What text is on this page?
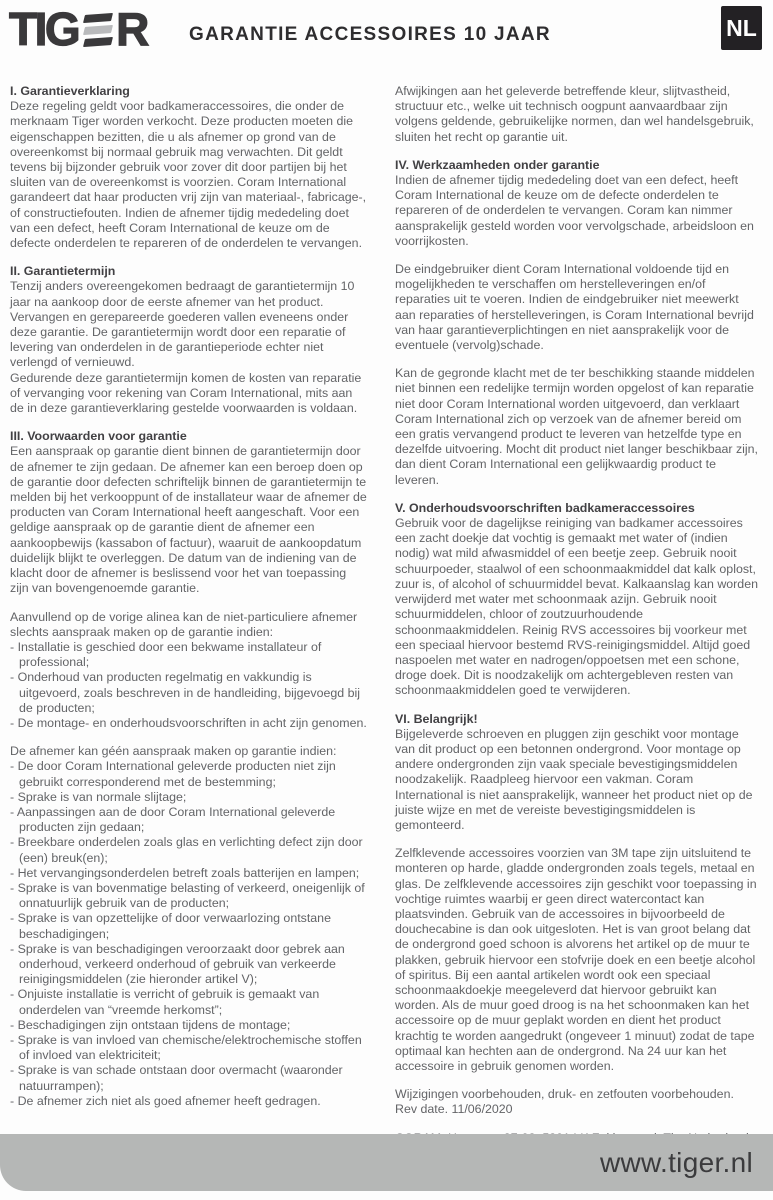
TIG R	GARANTIE ACCESSOIRES 10 JAAR	NL
I. Garantieverklaring

Deze regeling geldt voor badkameraccessoires, die onder de merknaam Tiger worden verkocht. Deze producten moeten die eigenschappen bezitten, die u als afnemer op grond van de overeenkomst bij normaal gebruik mag verwachten. Dit geldt tevens bij bijzonder gebruik voor zover dit door partijen bij het sluiten van de overeenkomst is voorzien. Coram International garandeert dat haar producten vrij zijn van materiaal-, fabricage-, of constructiefouten. Indien de afnemer tijdig mededeling doet van een defect, heeft Coram International de keuze om de defecte onderdelen te repareren of de onderdelen te vervangen.

II. Garantietermijn

Tenzij anders overeengekomen bedraagt de garantietermijn 10 jaar na aankoop door de eerste afnemer van het product.

Vervangen en gerepareerde goederen vallen eveneens onder deze garantie. De garantietermijn wordt door een reparatie of levering van onderdelen in de garantieperiode echter niet verlengd of vernieuwd.

Gedurende deze garantietermijn komen de kosten van reparatie of vervanging voor rekening van Coram International, mits aan de in deze garantieverklaring gestelde voorwaarden is voldaan.

III. Voorwaarden voor garantie

Een aanspraak op garantie dient binnen de garantietermijn door de afnemer te zijn gedaan. De afnemer kan een beroep doen op de garantie door defecten schriftelijk binnen de garantietermijn te melden bij het verkooppunt of de installateur waar de afnemer de producten van Coram International heeft aangeschaft. Voor een geldige aanspraak op de garantie dient de afnemer een aankoopbewijs (kassabon of factuur), waaruit de aankoopdatum duidelijk blijkt te overleggen. De datum van de indiening van de klacht door de afnemer is beslissend voor het van toepassing zijn van bovengenoemde garantie.

Aanvullend op de vorige alinea kan de niet-particuliere afnemer slechts aanspraak maken op de garantie indien:

- Installatie is geschied door een bekwame installateur of professional;
- Onderhoud van producten regelmatig en vakkundig is uitgevoerd, zoals beschreven in de handleiding, bijgevoegd bij de producten;
- De montage- en onderhoudsvoorschriften in acht zijn genomen.

De afnemer kan géén aanspraak maken op garantie indien:

- De door Coram International geleverde producten niet zijn gebruikt corresponderend met de bestemming;
- Sprake is van normale slijtage;
- Aanpassingen aan de door Coram International geleverde producten zijn gedaan;
- Breekbare onderdelen zoals glas en verlichting defect zijn door (een) breuk(en);
- Het vervangingsonderdelen betreft zoals batterijen en lampen;
- Sprake is van bovenmatige belasting of verkeerd, oneigenlijk of onnatuurlijk gebruik van de producten;
- Sprake is van opzettelijke of door verwaarlozing ontstane beschadigingen;
- Sprake is van beschadigingen veroorzaakt door gebrek aan onderhoud, verkeerd onderhoud of gebruik van verkeerde reinigingsmiddelen (zie hieronder artikel V);
- Onjuiste installatie is verricht of gebruik is gemaakt van onderdelen van “vreemde herkomst”;
- Beschadigingen zijn ontstaan tijdens de montage;
- Sprake is van invloed van chemische/elektrochemische stoffen of invloed van elektriciteit;
- Sprake is van schade ontstaan door overmacht (waaronder natuurrampen);
- De afnemer zich niet als goed afnemer heeft gedragen.

Afwijkingen aan het geleverde betreffende kleur, slijtvastheid, structuur etc., welke uit technisch oogpunt aanvaardbaar zijn volgens geldende, gebruikelijke normen, dan wel handelsgebruik, sluiten het recht op garantie uit.

IV. Werkzaamheden onder garantie

Indien de afnemer tijdig mededeling doet van een defect, heeft Coram International de keuze om de defecte onderdelen te repareren of de onderdelen te vervangen. Coram kan nimmer aansprakelijk gesteld worden voor vervolgschade, arbeidsloon en voorrijkosten.

De eindgebruiker dient Coram International voldoende tijd en mogelijkheden te verschaffen om herstelleveringen en/of reparaties uit te voeren. Indien de eindgebruiker niet meewerkt aan reparaties of herstelleveringen, is Coram International bevrijd van haar garantieverplichtingen en niet aansprakelijk voor de eventuele (vervolg)schade.

Kan de gegronde klacht met de ter beschikking staande middelen niet binnen een redelijke termijn worden opgelost of kan reparatie niet door Coram International worden uitgevoerd, dan verklaart Coram International zich op verzoek van de afnemer bereid om een gratis vervangend product te leveren van hetzelfde type en dezelfde uitvoering. Mocht dit product niet langer beschikbaar zijn, dan dient Coram International een gelijkwaardig product te leveren.

V. Onderhoudsvoorschriften badkameraccessoires

Gebruik voor de dagelijkse reiniging van badkamer accessoires een zacht doekje dat vochtig is gemaakt met water of (indien nodig) wat mild afwasmiddel of een beetje zeep. Gebruik nooit schuurpoeder, staalwol of een schoonmaakmiddel dat kalk oplost, zuur is, of alcohol of schuurmiddel bevat. Kalkaanslag kan worden verwijderd met water met schoonmaak azijn. Gebruik nooit schuurmiddelen, chloor of zoutzuurhoudende schoonmaakmiddelen. Reinig RVS accessoires bij voorkeur met een speciaal hiervoor bestemd RVS-reinigingsmiddel. Altijd goed naspoelen met water en nadrogen/oppoetsen met een schone, droge doek. Dit is noodzakelijk om achtergebleven resten van schoonmaakmiddelen goed te verwijderen.

VI. Belangrijk!

Bijgeleverde schroeven en pluggen zijn geschikt voor montage van dit product op een betonnen ondergrond. Voor montage op andere ondergronden zijn vaak speciale bevestigingsmiddelen noodzakelijk. Raadpleeg hiervoor een vakman. Coram International is niet aansprakelijk, wanneer het product niet op de juiste wijze en met de vereiste bevestigingsmiddelen is gemonteerd.

Zelfklevende accessoires voorzien van 3M tape zijn uitsluitend te monteren op harde, gladde ondergronden zoals tegels, metaal en glas. De zelfklevende accessoires zijn geschikt voor toepassing in vochtige ruimtes waarbij er geen direct watercontact kan plaatsvinden. Gebruik van de accessoires in bijvoorbeeld de douchecabine is dan ook uitgesloten. Het is van groot belang dat de ondergrond goed schoon is alvorens het artikel op de muur te plakken, gebruik hiervoor een stofvrije doek en een beetje alcohol of spiritus. Bij een aantal artikelen wordt ook een speciaal schoonmaakdoekje meegeleverd dat hiervoor gebruikt kan worden. Als de muur goed droog is na het schoonmaken kan het accessoire op de muur geplakt worden en dient het product krachtig te worden aangedrukt (ongeveer 1 minuut) zodat de tape optimaal kan hechten aan de ondergrond. Na 24 uur kan het accessoire in gebruik genomen worden.

Wijzigingen voorbehouden, druk- en zetfouten voorbehouden.

Rev date. 11/06/2020

www.tiger.nl
